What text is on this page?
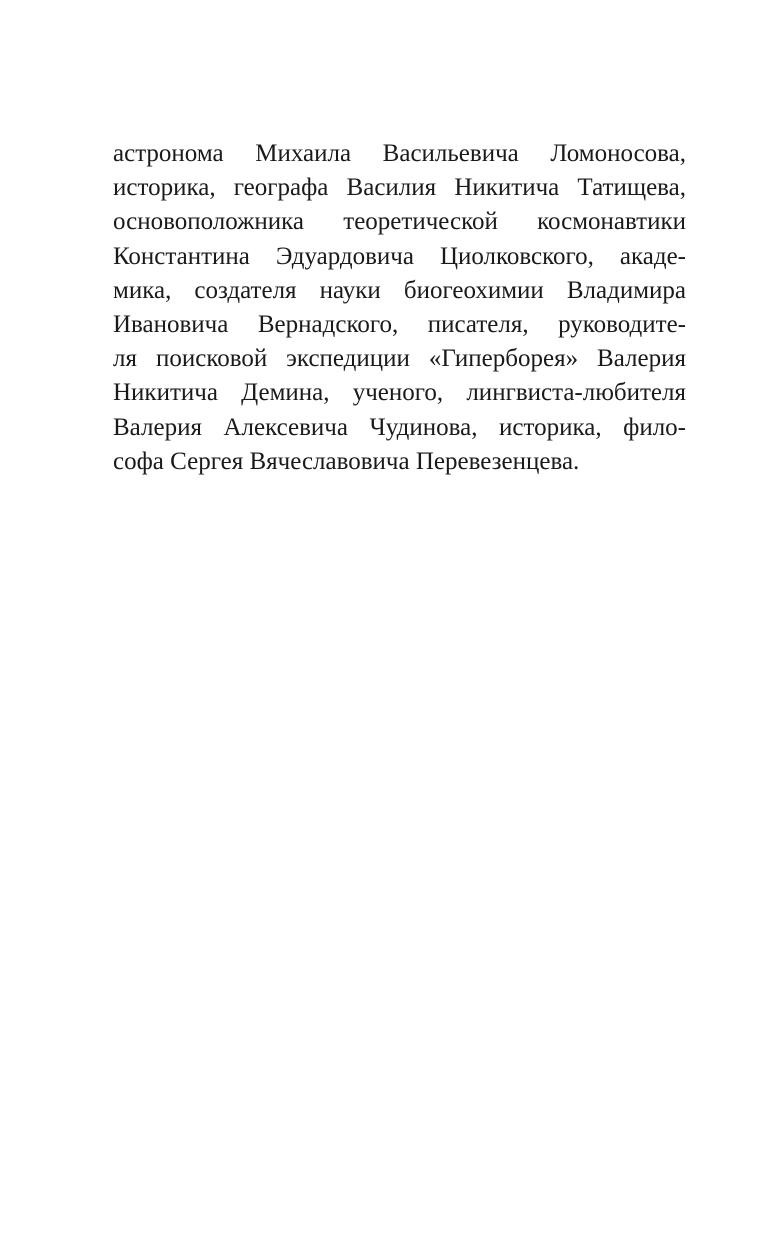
астронома Михаила Васильевича Ломоносова,
историка, географа Василия Никитича Татищева,
основоположника теоретической космонавтики
Константина Эдуардовича Циолковского, акаде-
мика, создателя науки биогеохимии Владимира
Ивановича Вернадского, писателя, руководите-
ля поисковой экспедиции «Гиперборея» Валерия
Никитича Демина, ученого, лингвиста-любителя
Валерия Алексевича Чудинова, историка, фило-
софа Сергея Вячеславовича Перевезенцева.
